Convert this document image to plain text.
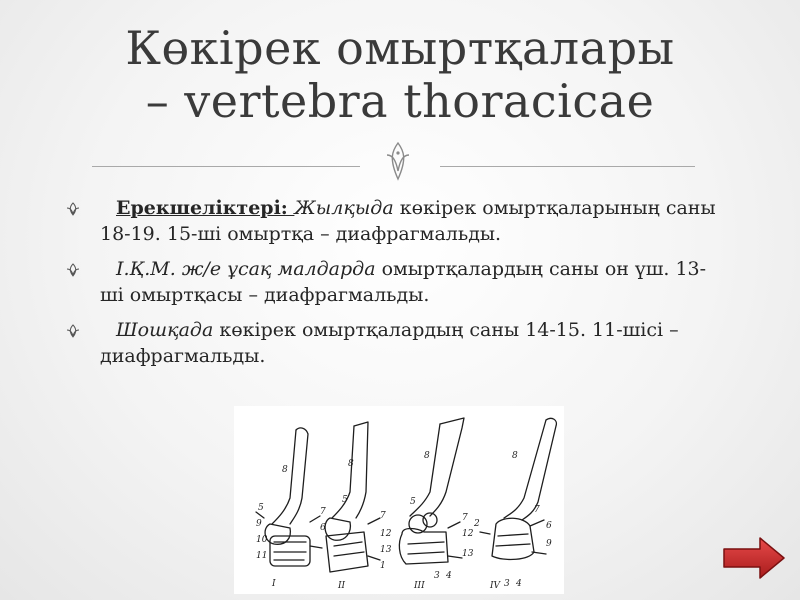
Көкірек омыртқалары
– vertebra thoracicae
Ерекшеліктері: Жылқыда көкірек омыртқаларының саны 18-19. 15-ші омыртқа – диафрагмальды.
І.Қ.М. ж/е ұсақ малдарда омыртқалардың саны он үш. 13-ші омыртқасы – диафрагмальды.
Шошқада көкірек омыртқалардың саны 14-15. 11-шісі – диафрагмальды.
8
8
8	8
5	7
6
9
10
11
5
7
12
13
1
5
7
12
13
3 4
7
6
9
2
3 4
I	II	III	IV
